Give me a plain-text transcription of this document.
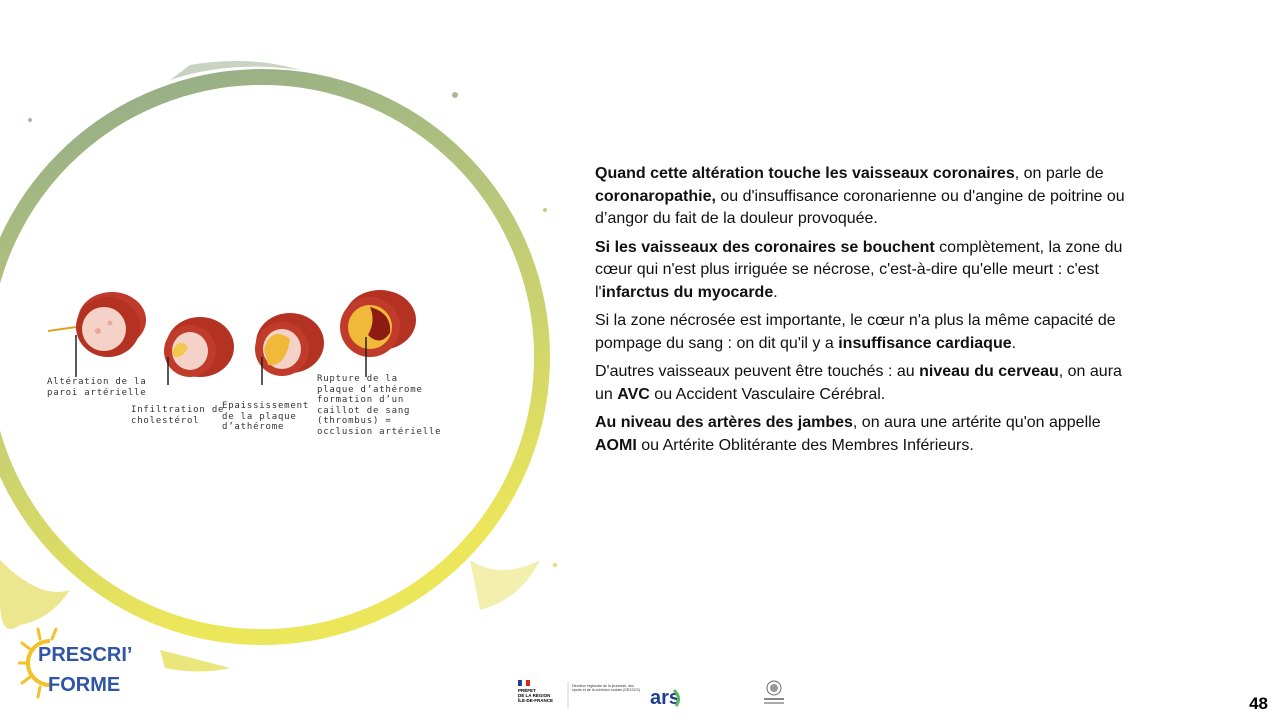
Altération de la
paroi artérielle
Infiltration de
cholestérol
Epaississement
de la plaque
d’athérome
Rupture de la
plaque d’athérome
formation d’un
caillot de sang
(thrombus) =
occlusion artérielle

Quand cette altération touche les vaisseaux coronaires, on parle de coronaropathie, ou d'insuffisance coronarienne ou d'angine de poitrine ou d’angor du fait de la douleur provoquée.

Si les vaisseaux des coronaires se bouchent complètement, la zone du cœur qui n'est plus irriguée se nécrose, c'est-à-dire qu'elle meurt : c'est l'infarctus du myocarde.

Si la zone nécrosée est importante, le cœur n'a plus la même capacité de pompage du sang : on dit qu'il y a insuffisance cardiaque.

D'autres vaisseaux peuvent être touchés : au niveau du cerveau, on aura un AVC ou Accident Vasculaire Cérébral.

Au niveau des artères des jambes, on aura une artérite qu'on appelle AOMI ou Artérite Oblitérante des Membres Inférieurs.

PRESCRI’
FORME	PRÉFET
DE LA RÉGION
ÎLE-DE-FRANCE
Direction régionale de la jeunesse, des sports et de la cohésion sociale (DRJSCS) ars	48
